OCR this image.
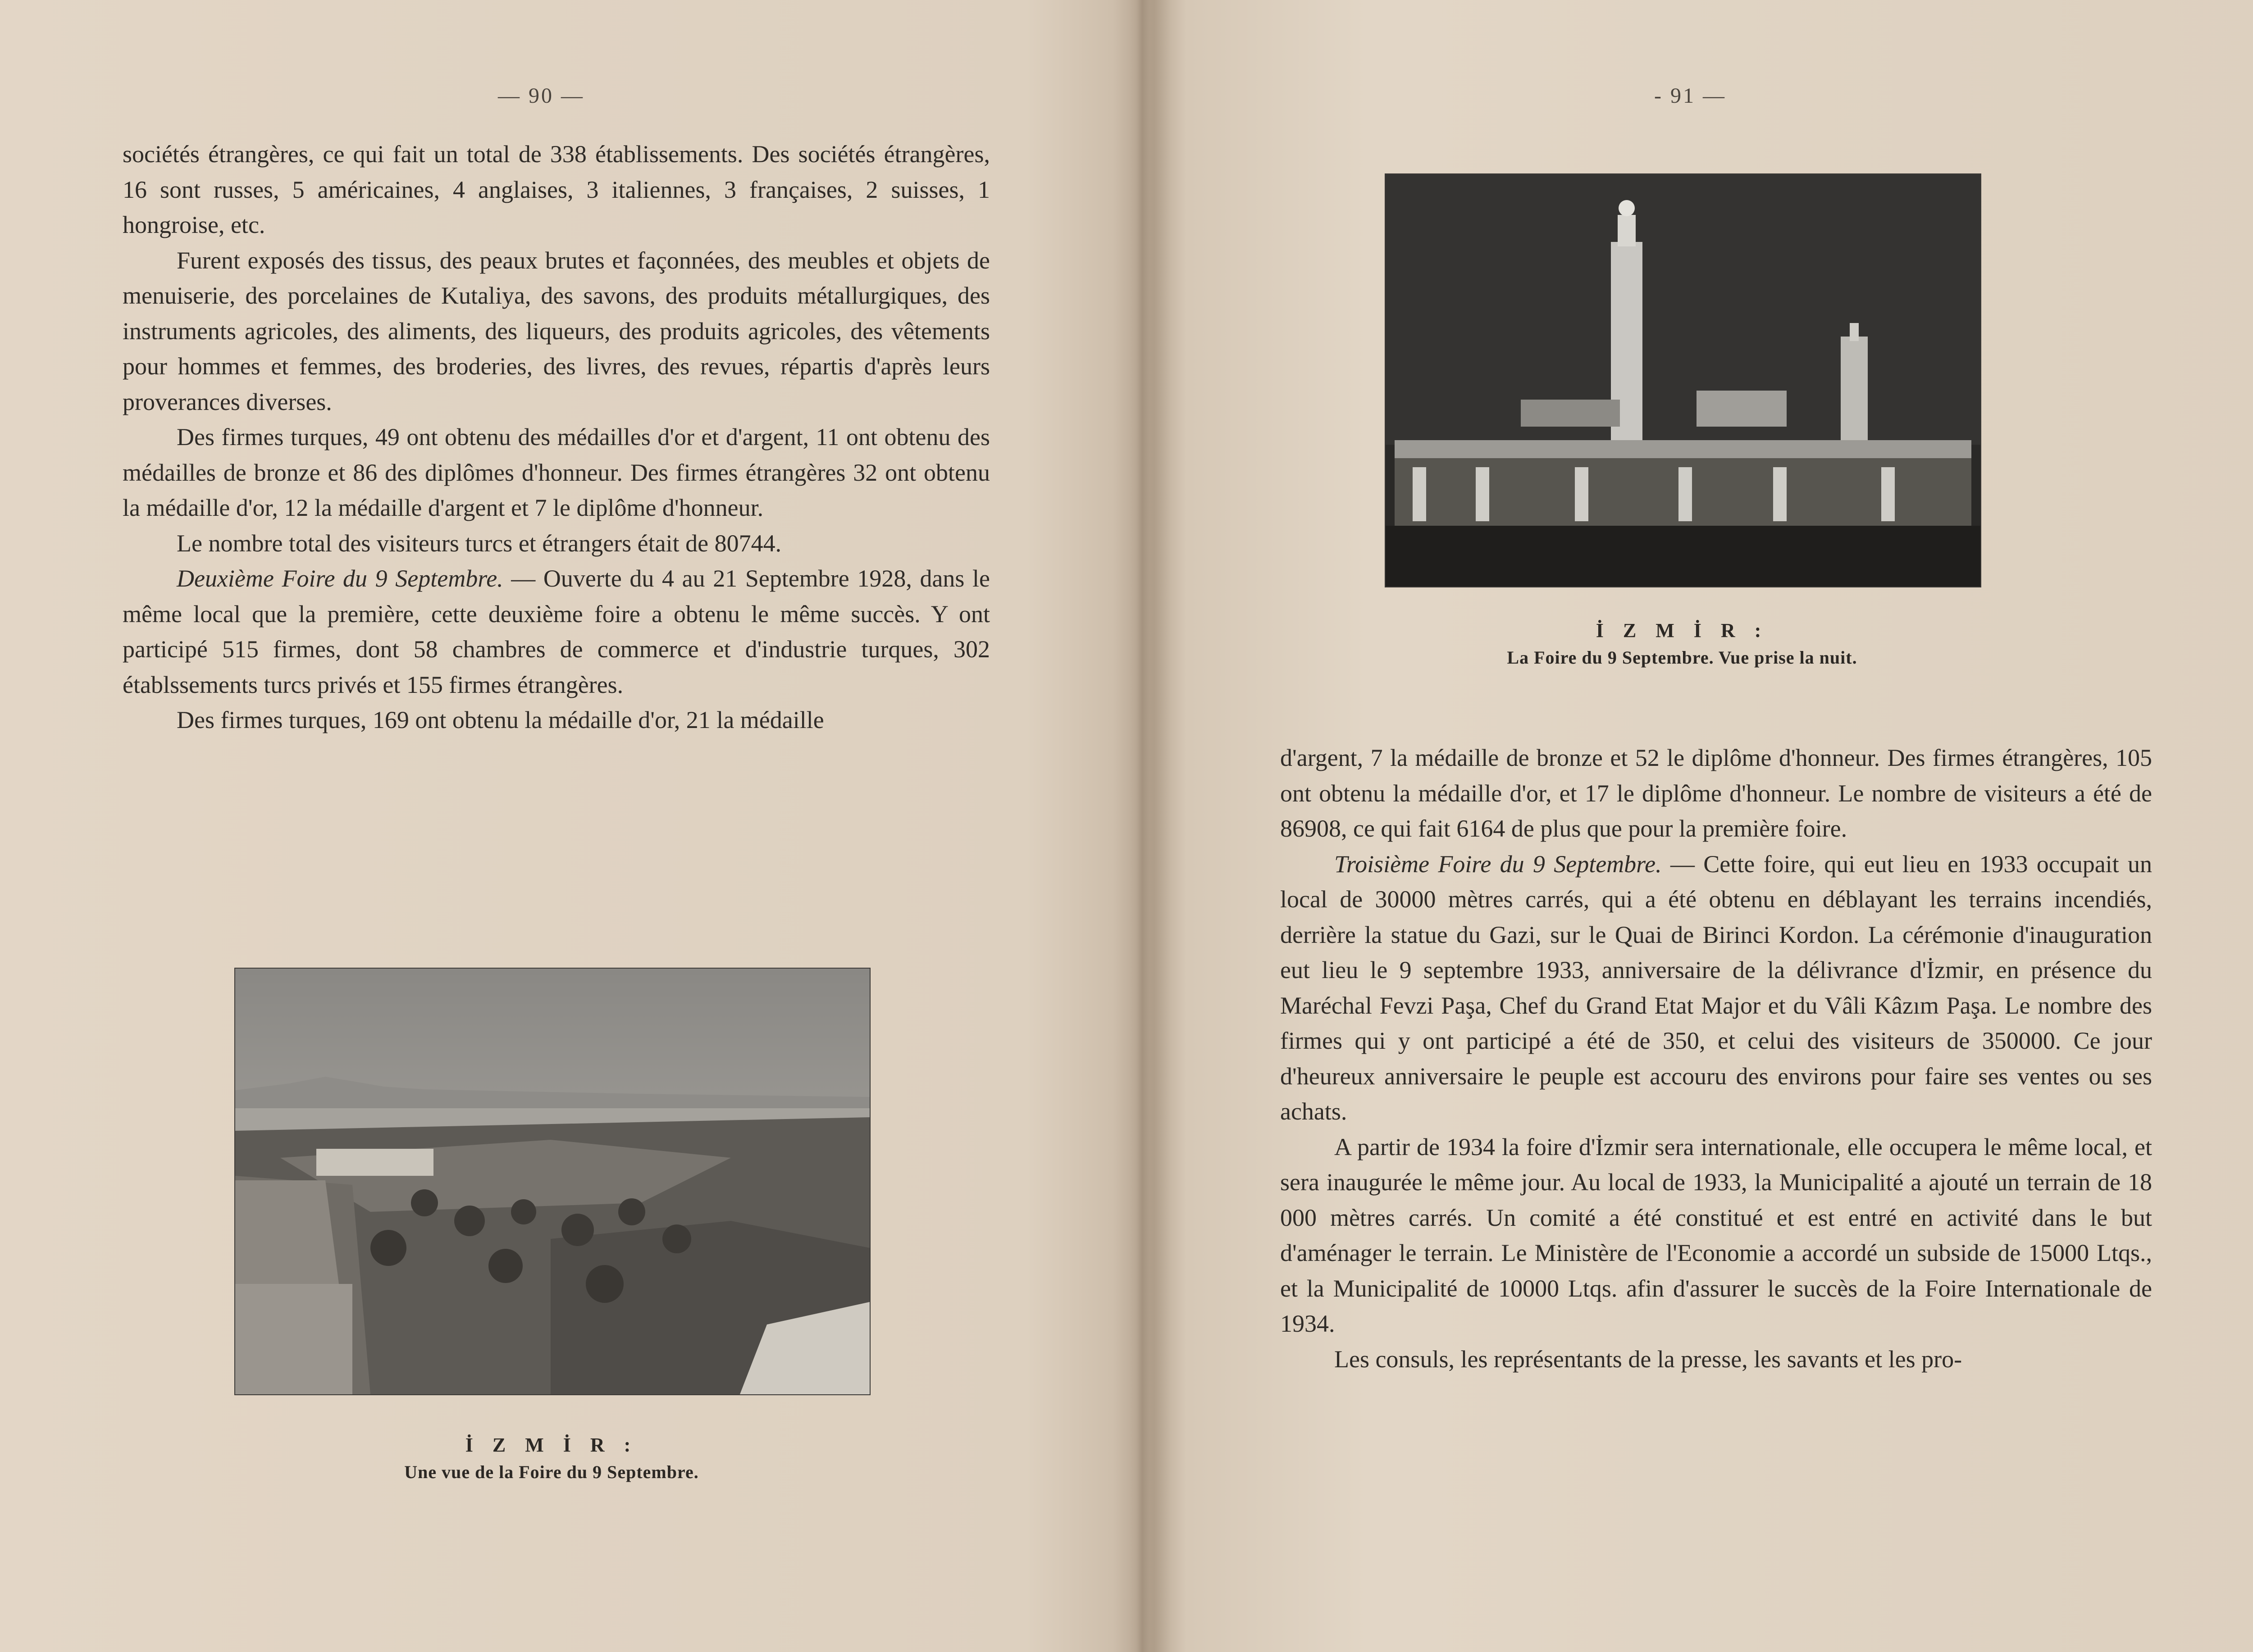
— 90 —

sociétés étrangères, ce qui fait un total de 338 établissements. Des sociétés étrangères, 16 sont russes, 5 américaines, 4 anglaises, 3 italiennes, 3 françaises, 2 suisses, 1 hongroise, etc.

Furent exposés des tissus, des peaux brutes et façonnées, des meubles et objets de menuiserie, des porcelaines de Kutaliya, des savons, des produits métallurgiques, des instruments agricoles, des aliments, des liqueurs, des produits agricoles, des vêtements pour hommes et femmes, des broderies, des livres, des revues, répartis d'après leurs proverances diverses.

Des firmes turques, 49 ont obtenu des médailles d'or et d'argent, 11 ont obtenu des médailles de bronze et 86 des diplômes d'honneur. Des firmes étrangères 32 ont obtenu la médaille d'or, 12 la médaille d'argent et 7 le diplôme d'honneur.

Le nombre total des visiteurs turcs et étrangers était de 80744.

Deuxième Foire du 9 Septembre. — Ouverte du 4 au 21 Septembre 1928, dans le même local que la première, cette deuxième foire a obtenu le même succès. Y ont participé 515 firmes, dont 58 chambres de commerce et d'industrie turques, 302 établssements turcs privés et 155 firmes étrangères.

Des firmes turques, 169 ont obtenu la médaille d'or, 21 la médaille

İ Z M İ R :
Une vue de la Foire du 9 Septembre.
- 91 —
İ Z M İ R :
La Foire du 9 Septembre. Vue prise la nuit.

d'argent, 7 la médaille de bronze et 52 le diplôme d'honneur. Des firmes étrangères, 105 ont obtenu la médaille d'or, et 17 le diplôme d'honneur. Le nombre de visiteurs a été de 86908, ce qui fait 6164 de plus que pour la première foire.

Troisième Foire du 9 Septembre. — Cette foire, qui eut lieu en 1933 occupait un local de 30000 mètres carrés, qui a été obtenu en déblayant les terrains incendiés, derrière la statue du Gazi, sur le Quai de Birinci Kordon. La cérémonie d'inauguration eut lieu le 9 septembre 1933, anniversaire de la délivrance d'İzmir, en présence du Maréchal Fevzi Paşa, Chef du Grand Etat Major et du Vâli Kâzım Paşa. Le nombre des firmes qui y ont participé a été de 350, et celui des visiteurs de 350000. Ce jour d'heureux anniversaire le peuple est accouru des environs pour faire ses ventes ou ses achats.

A partir de 1934 la foire d'İzmir sera internationale, elle occupera le même local, et sera inaugurée le même jour. Au local de 1933, la Municipalité a ajouté un terrain de 18 000 mètres carrés. Un comité a été constitué et est entré en activité dans le but d'aménager le terrain. Le Ministère de l'Economie a accordé un subside de 15000 Ltqs., et la Municipalité de 10000 Ltqs. afin d'assurer le succès de la Foire Internationale de 1934.

Les consuls, les représentants de la presse, les savants et les pro-
